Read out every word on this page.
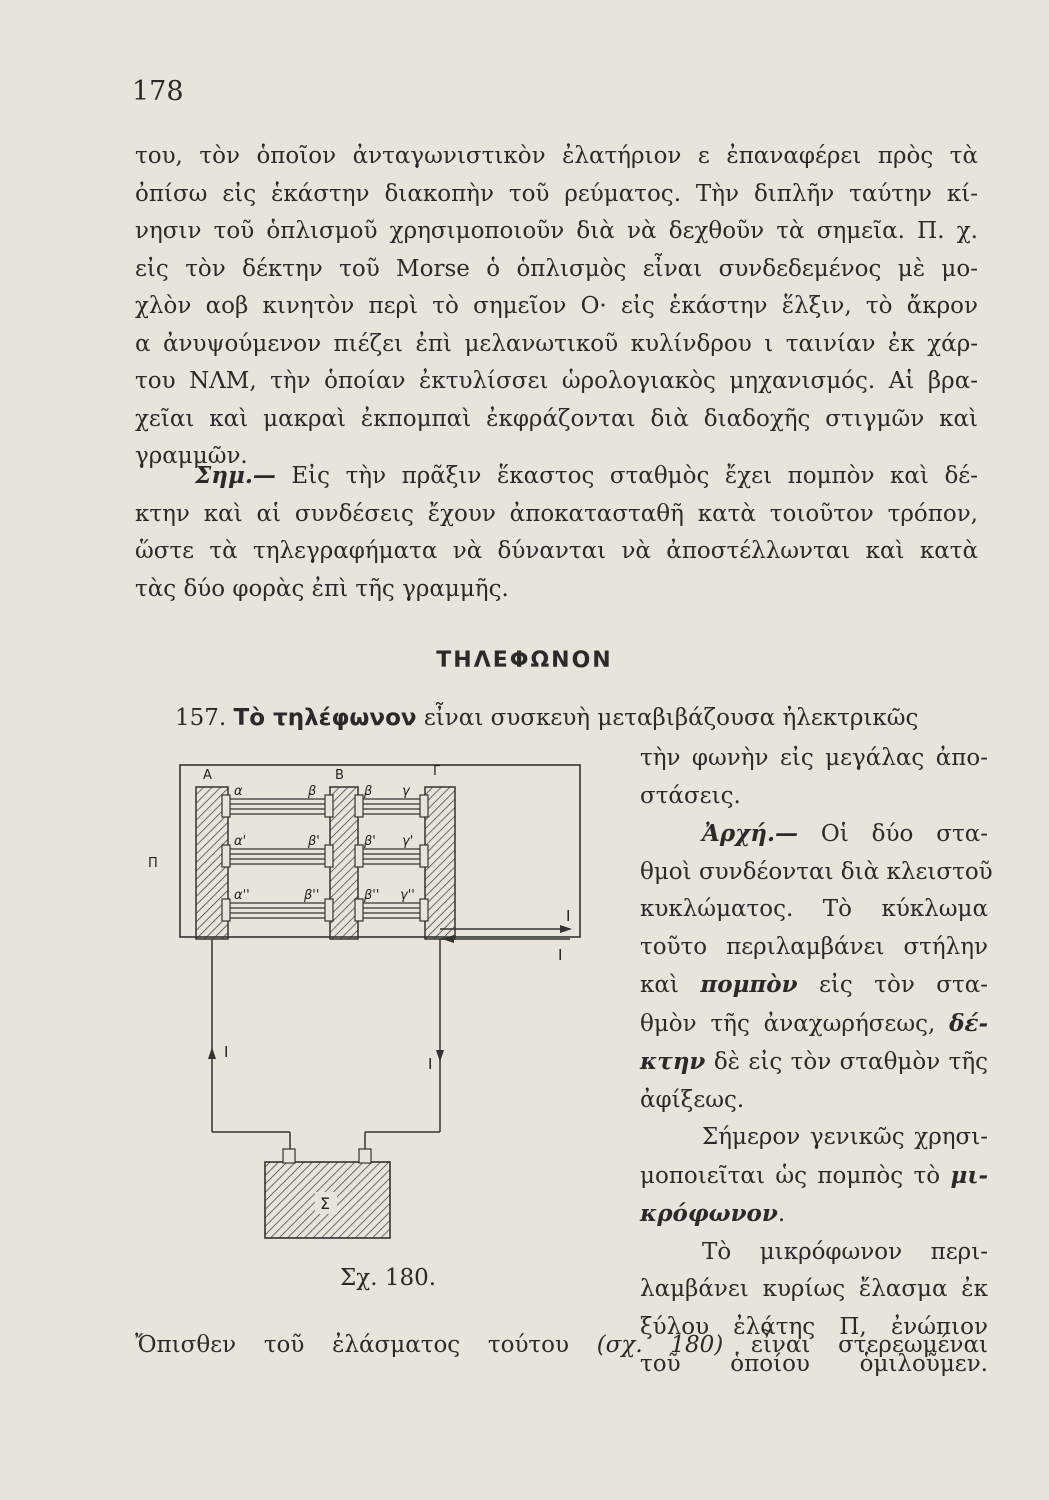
178
του, τὸν ὁποῖον ἀνταγωνιστικὸν ἐλατήριον ε ἐπαναφέρει πρὸς τὰ
ὀπίσω εἰς ἑκάστην διακοπὴν τοῦ ρεύματος. Τὴν διπλῆν ταύτην κί-
νησιν τοῦ ὁπλισμοῦ χρησιμοποιοῦν διὰ νὰ δεχθοῦν τὰ σημεῖα. Π. χ.
εἰς τὸν δέκτην τοῦ Morse ὁ ὁπλισμὸς εἶναι συνδεδεμένος μὲ μο-
χλὸν αοβ κινητὸν περὶ τὸ σημεῖον Ο· εἰς ἑκάστην ἕλξιν, τὸ ἄκρον
α ἀνυψούμενον πιέζει ἐπὶ μελανωτικοῦ κυλίνδρου ι ταινίαν ἐκ χάρ-
του ΝΛΜ, τὴν ὁποίαν ἐκτυλίσσει ὡρολογιακὸς μηχανισμός. Αἱ βρα-
χεῖαι καὶ μακραὶ ἐκπομπαὶ ἐκφράζονται διὰ διαδοχῆς στιγμῶν καὶ
γραμμῶν.
Σημ.— Εἰς τὴν πρᾶξιν ἕκαστος σταθμὸς ἔχει πομπὸν καὶ δέ-
κτην καὶ αἱ συνδέσεις ἔχουν ἀποκατασταθῆ κατὰ τοιοῦτον τρόπον,
ὥστε τὰ τηλεγραφήματα νὰ δύνανται νὰ ἀποστέλλωνται καὶ κατὰ
τὰς δύο φορὰς ἐπὶ τῆς γραμμῆς.
ΤΗΛΕΦΩΝΟΝ
157. Τὸ τηλέφωνον εἶναι συσκευὴ μεταβιβάζουσα ἠλεκτρικῶς
τὴν φωνὴν εἰς μεγάλας ἀπο-
στάσεις.
Ἀρχή.— Οἱ δύο στα-
θμοὶ συνδέονται διὰ κλειστοῦ
κυκλώματος. Τὸ κύκλωμα
τοῦτο περιλαμβάνει στήλην
καὶ πομπὸν εἰς τὸν στα-
θμὸν τῆς ἀναχωρήσεως, δέ-
κτην δὲ εἰς τὸν σταθμὸν τῆς
ἀφίξεως.
Σήμερον γενικῶς χρησι-
μοποιεῖται ὡς πομπὸς τὸ μι-
κρόφωνον.
Τὸ μικρόφωνον περι-
λαμβάνει κυρίως ἔλασμα ἐκ
ξύλου ἐλάτης Π, ἐνώπιον
τοῦ ὁποίου ὁμιλοῦμεν.
Α	Β	Γ
Π
Σ
α
α'
α''
β
β'
β''
β
β'
β''
γ
γ'
γ''
I
I
I
I
Σχ. 180.
Ὄπισθεν τοῦ ἐλάσματος τούτου (σχ. 180) εἶναι στερεωμέναι
